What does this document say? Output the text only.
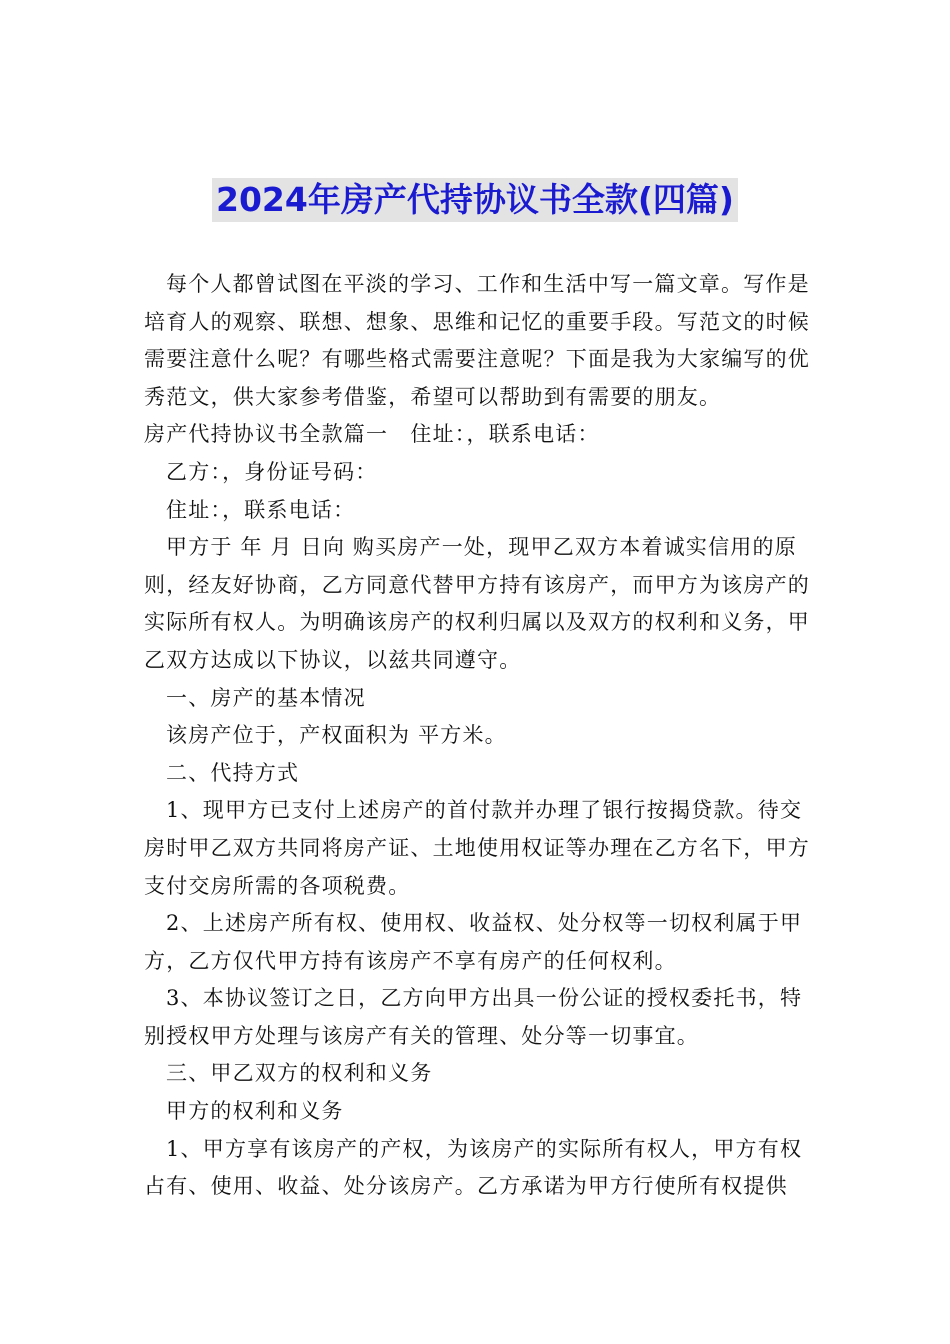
2024年房产代持协议书全款(四篇)

每个人都曾试图在平淡的学习、工作和生活中写一篇文章。写作是培育人的观察、联想、想象、思维和记忆的重要手段。写范文的时候需要注意什么呢？有哪些格式需要注意呢？下面是我为大家编写的优秀范文，供大家参考借鉴，希望可以帮助到有需要的朋友。

房产代持协议书全款篇一　住址：，联系电话：

乙方：，身份证号码：

住址：，联系电话：

甲方于 年 月 日向 购买房产一处，现甲乙双方本着诚实信用的原则，经友好协商，乙方同意代替甲方持有该房产，而甲方为该房产的实际所有权人。为明确该房产的权利归属以及双方的权利和义务，甲乙双方达成以下协议，以兹共同遵守。

一、房产的基本情况

该房产位于，产权面积为 平方米。

二、代持方式

1、现甲方已支付上述房产的首付款并办理了银行按揭贷款。待交房时甲乙双方共同将房产证、土地使用权证等办理在乙方名下，甲方支付交房所需的各项税费。

2、上述房产所有权、使用权、收益权、处分权等一切权利属于甲方，乙方仅代甲方持有该房产不享有房产的任何权利。

3、本协议签订之日，乙方向甲方出具一份公证的授权委托书，特别授权甲方处理与该房产有关的管理、处分等一切事宜。

三、甲乙双方的权利和义务

甲方的权利和义务

1、甲方享有该房产的产权，为该房产的实际所有权人，甲方有权占有、使用、收益、处分该房产。乙方承诺为甲方行使所有权提供
